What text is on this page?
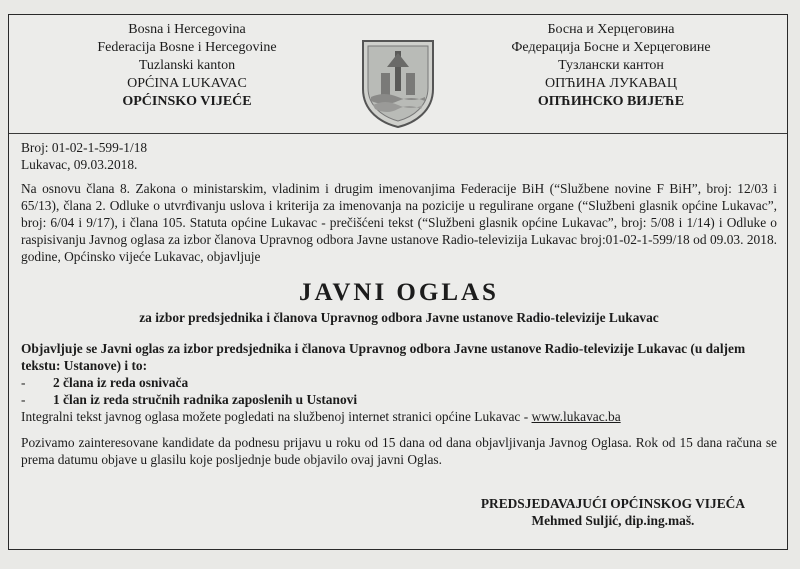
Bosna i Hercegovina
Federacija Bosne i Hercegovine
Tuzlanski kanton
OPĆINA LUKAVAC
OPĆINSKO VIJEĆE
Босна и Херцеговина
Федерација Босне и Херцеговине
Тузлански кантон
ОПЋИНА ЛУКАВАЦ
ОПЋИНСКО ВИЈЕЋЕ
Broj: 01-02-1-599-1/18
Lukavac, 09.03.2018.
Na osnovu člana 8. Zakona o ministarskim, vladinim i drugim imenovanjima Federacije BiH (“Službene novine F BiH”, broj: 12/03 i 65/13), člana 2. Odluke o utvrđivanju uslova i kriterija za imenovanja na pozicije u regulirane organe (“Službeni glasnik općine Lukavac”, broj: 6/04 i 9/17), i člana 105. Statuta općine Lukavac - prečišćeni tekst (“Službeni glasnik općine Lukavac”, broj: 5/08 i 1/14) i Odluke o raspisivanju Javnog oglasa za izbor članova Upravnog odbora Javne ustanove Radio-televizija Lukavac broj:01-02-1-599/18 od 09.03. 2018. godine, Općinsko vijeće Lukavac, objavljuje
JAVNI OGLAS
za izbor predsjednika i članova Upravnog odbora Javne ustanove Radio-televizije Lukavac
Objavljuje se Javni oglas za izbor predsjednika i članova Upravnog odbora Javne ustanove Radio-televizije Lukavac (u daljem tekstu: Ustanove) i to:
- 2 člana iz reda osnivača
- 1 član iz reda stručnih radnika zaposlenih u Ustanovi
Integralni tekst javnog oglasa možete pogledati na službenoj internet stranici općine Lukavac - www.lukavac.ba
Pozivamo zainteresovane kandidate da podnesu prijavu u roku od 15 dana od dana objavljivanja Javnog Oglasa. Rok od 15 dana računa se prema datumu objave u glasilu koje posljednje bude objavilo ovaj javni Oglas.
PREDSJEDAVAJUĆI OPĆINSKOG VIJEĆA
Mehmed Suljić, dip.ing.maš.
